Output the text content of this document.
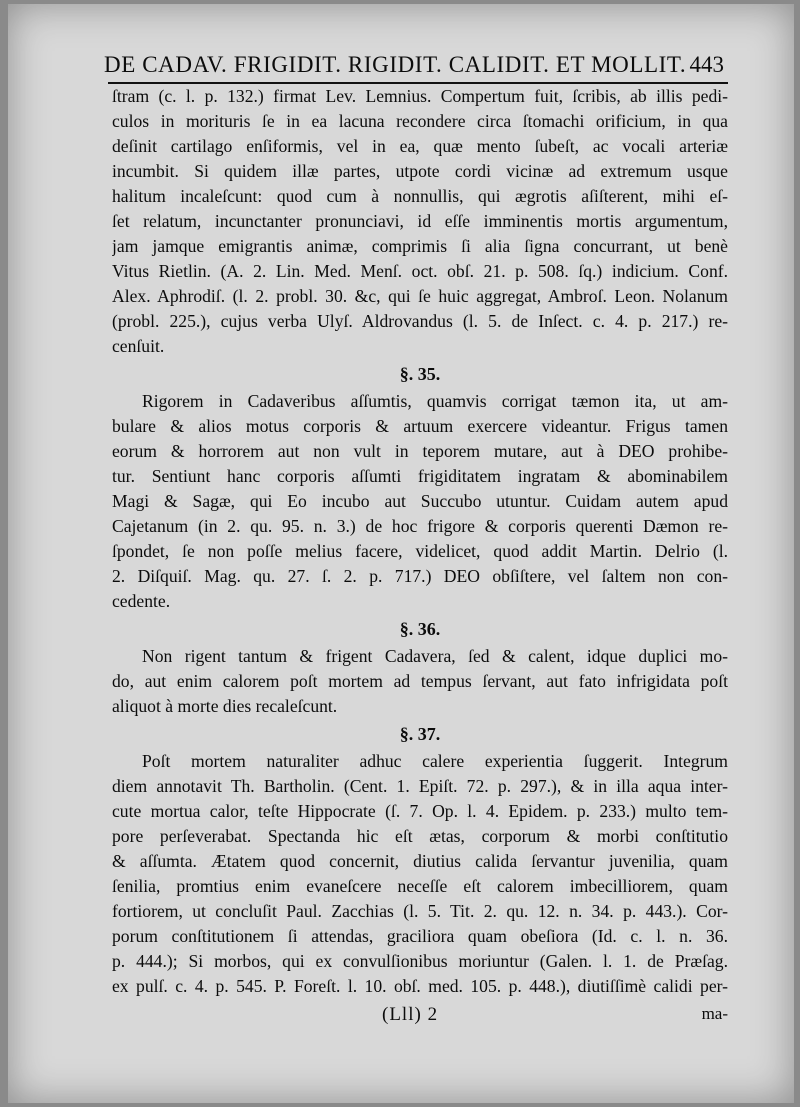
DE CADAV. FRIGIDIT. RIGIDIT. CALIDIT. ET MOLLIT. 443
ſtram (c. l. p. 132.) firmat Lev. Lemnius. Compertum fuit, ſcribis, ab illis pedi-
culos in morituris ſe in ea lacuna recondere circa ſtomachi orificium, in qua
deſinit cartilago enſiformis, vel in ea, quæ mento ſubeſt, ac vocali arteriæ
incumbit. Si quidem illæ partes, utpote cordi vicinæ ad extremum usque
halitum incaleſcunt: quod cum à nonnullis, qui ægrotis aſiſterent, mihi eſ-
ſet relatum, incunctanter pronunciavi, id eſſe imminentis mortis argumentum,
jam jamque emigrantis animæ, comprimis ſi alia ſigna concurrant, ut benè
Vitus Rietlin. (A. 2. Lin. Med. Menſ. oct. obſ. 21. p. 508. ſq.) indicium. Conf.
Alex. Aphrodiſ. (l. 2. probl. 30. &c, qui ſe huic aggregat, Ambroſ. Leon. Nolanum
(probl. 225.), cujus verba Ulyſ. Aldrovandus (l. 5. de Inſect. c. 4. p. 217.) re-
cenſuit.
§. 35.
Rigorem in Cadaveribus aſſumtis, quamvis corrigat tæmon ita, ut am-
bulare & alios motus corporis & artuum exercere videantur. Frigus tamen
eorum & horrorem aut non vult in teporem mutare, aut à DEO prohibe-
tur. Sentiunt hanc corporis aſſumti frigiditatem ingratam & abominabilem
Magi & Sagæ, qui Eo incubo aut Succubo utuntur. Cuidam autem apud
Cajetanum (in 2. qu. 95. n. 3.) de hoc frigore & corporis querenti Dæmon re-
ſpondet, ſe non poſſe melius facere, videlicet, quod addit Martin. Delrio (l.
2. Diſquiſ. Mag. qu. 27. ſ. 2. p. 717.) DEO obſiſtere, vel ſaltem non con-
cedente.
§. 36.
Non rigent tantum & frigent Cadavera, ſed & calent, idque duplici mo-
do, aut enim calorem poſt mortem ad tempus ſervant, aut fato infrigidata poſt
aliquot à morte dies recaleſcunt.
§. 37.
Poſt mortem naturaliter adhuc calere experientia ſuggerit. Integrum
diem annotavit Th. Bartholin. (Cent. 1. Epiſt. 72. p. 297.), & in illa aqua inter-
cute mortua calor, teſte Hippocrate (ſ. 7. Op. l. 4. Epidem. p. 233.) multo tem-
pore perſeverabat. Spectanda hic eſt ætas, corporum & morbi conſtitutio
& aſſumta. Ætatem quod concernit, diutius calida ſervantur juvenilia, quam
ſenilia, promtius enim evaneſcere neceſſe eſt calorem imbecilliorem, quam
fortiorem, ut concluſit Paul. Zacchias (l. 5. Tit. 2. qu. 12. n. 34. p. 443.). Cor-
porum conſtitutionem ſi attendas, graciliora quam obeſiora (Id. c. l. n. 36.
p. 444.); Si morbos, qui ex convulſionibus moriuntur (Galen. l. 1. de Præſag.
ex pulſ. c. 4. p. 545. P. Foreſt. l. 10. obſ. med. 105. p. 448.), diutiſſimè calidi per-
(Lll) 2	ma-
